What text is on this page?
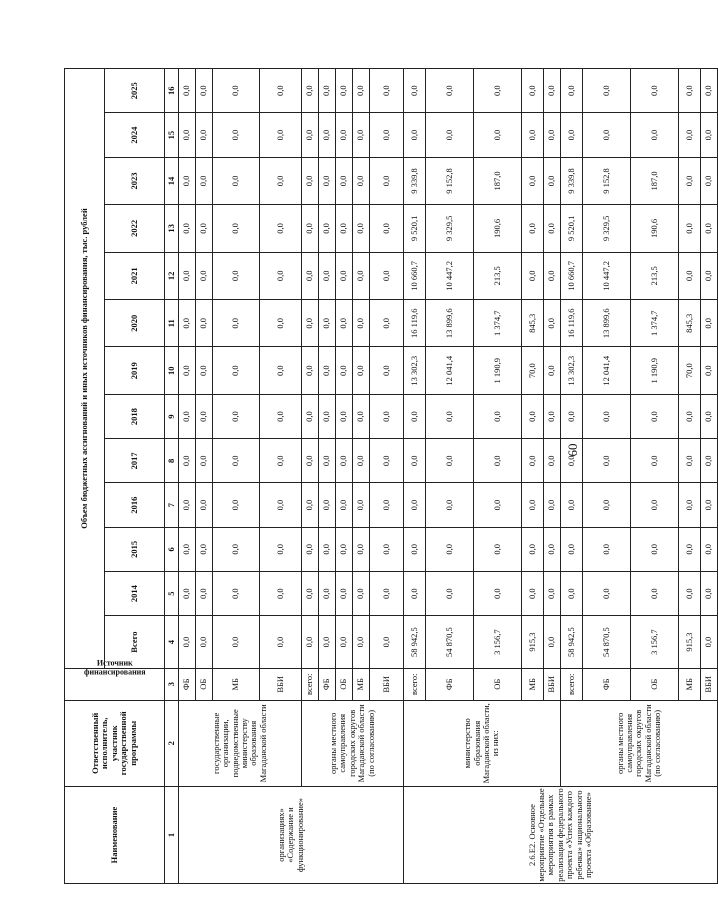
60
Наименование	Ответственный исполнитель, участник государственной программы	Источник
финансирования	Объем бюджетных ассигнований и иных источников финансирования, тыс. рублей												
			Всего	2014	2015	2016	2017	2018	2019	2020	2021	2022	2023	2024	2025
1	2	3	4	5	6	7	8	9	10	11	12	13	14	15	16
организациях» «Содержание и функционирование»	государственные организации, подведомственные министерству образования Магаданской области	ФБ	0,0	0,0	0,0	0,0	0,0	0,0	0,0	0,0	0,0	0,0	0,0	0,0	0,0
		ОБ	0,0	0,0	0,0	0,0	0,0	0,0	0,0	0,0	0,0	0,0	0,0	0,0	0,0
		МБ	0,0	0,0	0,0	0,0	0,0	0,0	0,0	0,0	0,0	0,0	0,0	0,0	0,0
		ВБИ	0,0	0,0	0,0	0,0	0,0	0,0	0,0	0,0	0,0	0,0	0,0	0,0	0,0
	органы местного самоуправления городских округов Магаданской области (по согласованию)	всего:	0,0	0,0	0,0	0,0	0,0	0,0	0,0	0,0	0,0	0,0	0,0	0,0	0,0
		ФБ	0,0	0,0	0,0	0,0	0,0	0,0	0,0	0,0	0,0	0,0	0,0	0,0	0,0
		ОБ	0,0	0,0	0,0	0,0	0,0	0,0	0,0	0,0	0,0	0,0	0,0	0,0	0,0
		МБ	0,0	0,0	0,0	0,0	0,0	0,0	0,0	0,0	0,0	0,0	0,0	0,0	0,0
		ВБИ	0,0	0,0	0,0	0,0	0,0	0,0	0,0	0,0	0,0	0,0	0,0	0,0	0,0
2.6.Е2. Основное мероприятие «Отдельные мероприятия в рамках реализации федерального проекта «Успех каждого ребенка» национального проекта «Образование»	министерство образования Магаданской области, из них:	всего:	58 942,5	0,0	0,0	0,0	0,0	0,0	13 302,3	16 119,6	10 660,7	9 520,1	9 339,8	0,0	0,0
		ФБ	54 870,5	0,0	0,0	0,0	0,0	0,0	12 041,4	13 899,6	10 447,2	9 329,5	9 152,8	0,0	0,0
		ОБ	3 156,7	0,0	0,0	0,0	0,0	0,0	1 190,9	1 374,7	213,5	190,6	187,0	0,0	0,0
		МБ	915,3	0,0	0,0	0,0	0,0	0,0	70,0	845,3	0,0	0,0	0,0	0,0	0,0
		ВБИ	0,0	0,0	0,0	0,0	0,0	0,0	0,0	0,0	0,0	0,0	0,0	0,0	0,0
	органы местного самоуправления городских округов Магаданской области (по согласованию)	всего:	58 942,5	0,0	0,0	0,0	0,0	0,0	13 302,3	16 119,6	10 660,7	9 520,1	9 339,8	0,0	0,0
		ФБ	54 870,5	0,0	0,0	0,0	0,0	0,0	12 041,4	13 899,6	10 447,2	9 329,5	9 152,8	0,0	0,0
		ОБ	3 156,7	0,0	0,0	0,0	0,0	0,0	1 190,9	1 374,7	213,5	190,6	187,0	0,0	0,0
		МБ	915,3	0,0	0,0	0,0	0,0	0,0	70,0	845,3	0,0	0,0	0,0	0,0	0,0
		ВБИ	0,0	0,0	0,0	0,0	0,0	0,0	0,0	0,0	0,0	0,0	0,0	0,0	0,0
